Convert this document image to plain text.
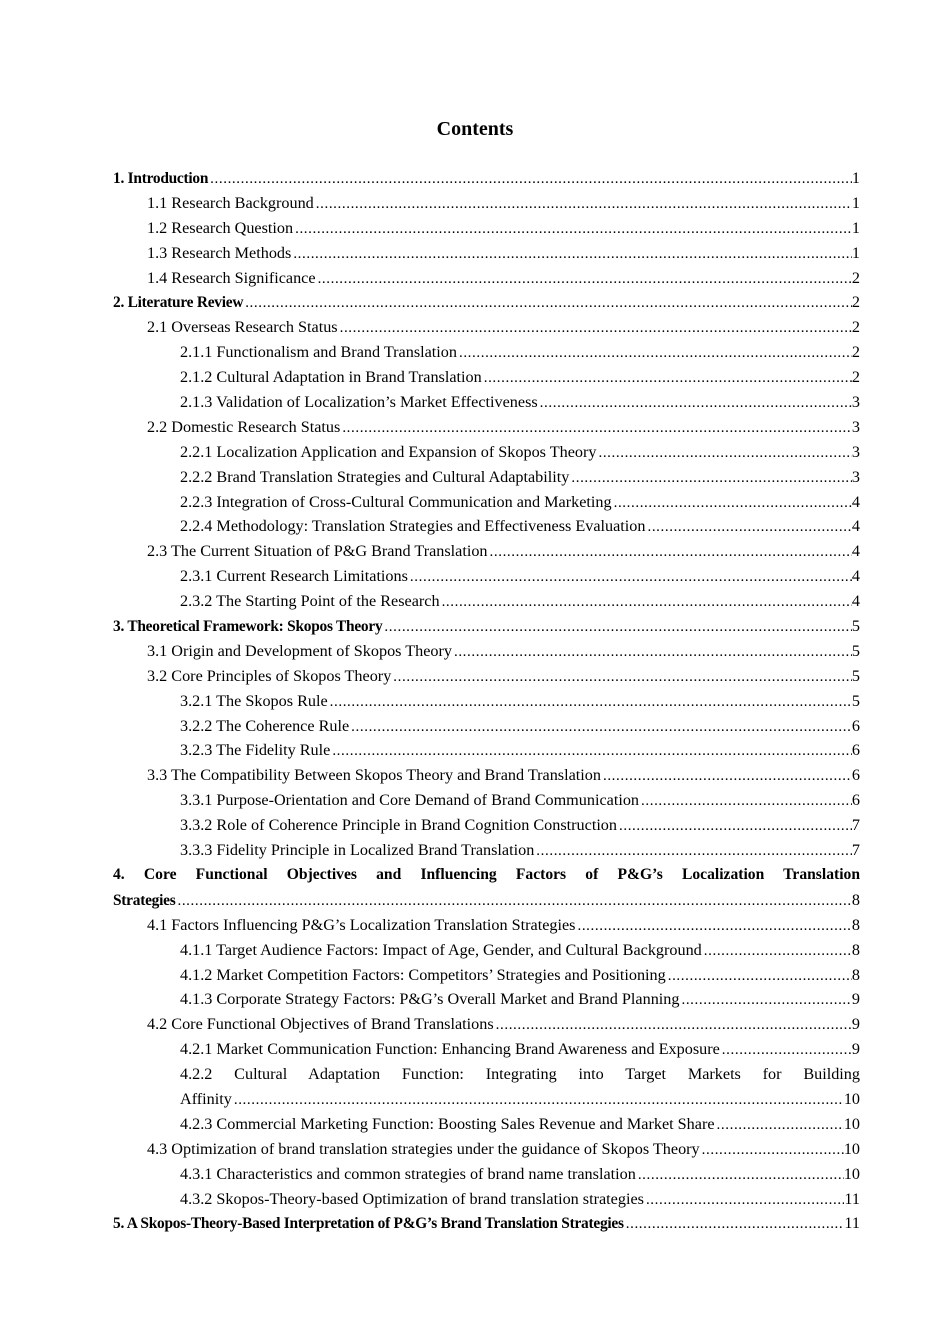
Contents
1. Introduction .....	1
1.1 Research Background .....	1
1.2 Research Question .....	1
1.3 Research Methods .....	1
1.4 Research Significance .....	2
2. Literature Review .....	2
2.1 Overseas Research Status .....	2
2.1.1 Functionalism and Brand Translation .....	2
2.1.2 Cultural Adaptation in Brand Translation .....	2
2.1.3 Validation of Localization’s Market Effectiveness .....	3
2.2 Domestic Research Status .....	3
2.2.1 Localization Application and Expansion of Skopos Theory .....	3
2.2.2 Brand Translation Strategies and Cultural Adaptability .....	3
2.2.3 Integration of Cross-Cultural Communication and Marketing .....	4
2.2.4 Methodology: Translation Strategies and Effectiveness Evaluation .....	4
2.3 The Current Situation of P&G Brand Translation .....	4
2.3.1 Current Research Limitations .....	4
2.3.2 The Starting Point of the Research .....	4
3. Theoretical Framework: Skopos Theory .....	5
3.1 Origin and Development of Skopos Theory .....	5
3.2 Core Principles of Skopos Theory .....	5
3.2.1 The Skopos Rule .....	5
3.2.2 The Coherence Rule .....	6
3.2.3 The Fidelity Rule .....	6
3.3 The Compatibility Between Skopos Theory and Brand Translation .....	6
3.3.1 Purpose-Orientation and Core Demand of Brand Communication .....	6
3.3.2 Role of Coherence Principle in Brand Cognition Construction .....	7
3.3.3 Fidelity Principle in Localized Brand Translation .....	7
4. Core Functional Objectives and Influencing Factors of P&G’s Localization Translation
Strategies .....	8
4.1 Factors Influencing P&G’s Localization Translation Strategies .....	8
4.1.1 Target Audience Factors: Impact of Age, Gender, and Cultural Background .....	8
4.1.2 Market Competition Factors: Competitors’ Strategies and Positioning .....	8
4.1.3 Corporate Strategy Factors: P&G’s Overall Market and Brand Planning .....	9
4.2 Core Functional Objectives of Brand Translations .....	9
4.2.1 Market Communication Function: Enhancing Brand Awareness and Exposure .....	9
4.2.2 Cultural Adaptation Function: Integrating into Target Markets for Building
Affinity .....	10
4.2.3 Commercial Marketing Function: Boosting Sales Revenue and Market Share .....	10
4.3 Optimization of brand translation strategies under the guidance of Skopos Theory .....	10
4.3.1 Characteristics and common strategies of brand name translation .....	10
4.3.2 Skopos-Theory-based Optimization of brand translation strategies .....	11
5. A Skopos-Theory-Based Interpretation of P&G’s Brand Translation Strategies .....	11
